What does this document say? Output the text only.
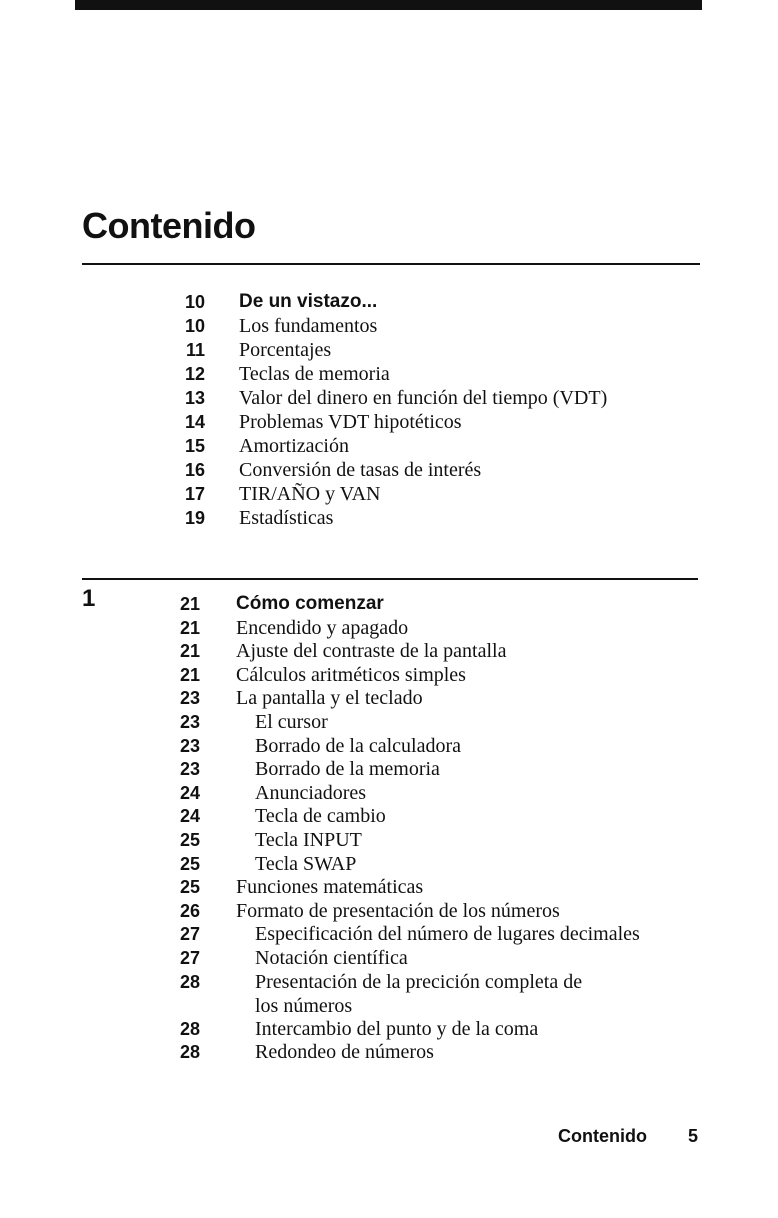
Contenido
10 De un vistazo...
10 Los fundamentos
11 Porcentajes
12 Teclas de memoria
13 Valor del dinero en función del tiempo (VDT)
14 Problemas VDT hipotéticos
15 Amortización
16 Conversión de tasas de interés
17 TIR/AÑO y VAN
19 Estadísticas
1	21 Cómo comenzar
21 Encendido y apagado
21 Ajuste del contraste de la pantalla
21 Cálculos aritméticos simples
23 La pantalla y el teclado
23	El cursor
23	Borrado de la calculadora
23	Borrado de la memoria
24	Anunciadores
24	Tecla de cambio
25	Tecla INPUT
25	Tecla SWAP
25 Funciones matemáticas
26 Formato de presentación de los números
27	Especificación del número de lugares decimales
27	Notación científica
28	Presentación de la precición completa de
los números
28	Intercambio del punto y de la coma
28	Redondeo de números
Contenido 5
